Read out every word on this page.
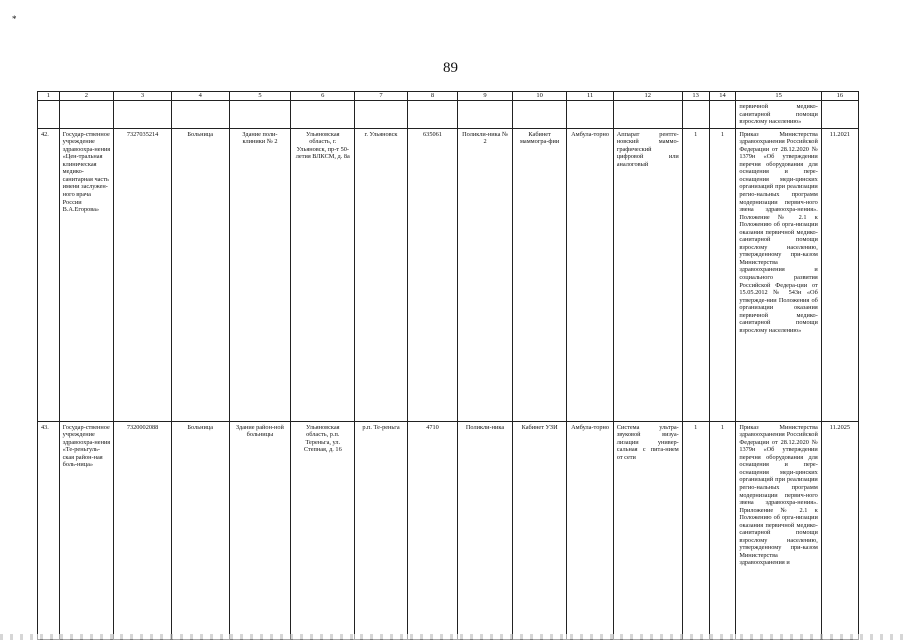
*
89
1	2	3	4	5	6	7	8	9	10	11	12	13	14	15	16
														первичной медико-санитарной помощи взрослому населению»	
42.	Государ-ственное учреждение здравоохра-нения «Цен-тральная клиническая медико-санитарная часть имени заслужен-ного врача России В.А.Егорова»	7327035214	Больница	Здание поли-клиники № 2	Ульяновская область, г. Ульяновск, пр-т 50-летия ВЛКСМ, д. 8а	г. Ульяновск	635061	Поликли-ника № 2	Кабинет маммогра-фии	Амбула-торно	Аппарат рентге-новский маммо-графический цифровой или аналоговый	1	1	Приказ Министерства здравоохранения Российской Федерации от 28.12.2020 № 1379н «Об утверждении перечня оборудования для оснащения и пере-оснащения меди-цинских организаций при реализации регио-нальных программ модернизации первич-ного звена здравоохра-нения». Положение № 2.1 к Положению об орга-низации оказания первичной медико-санитарной помощи взрослому населению, утвержденному при-казом Министерства здравоохранения и социального развития Российской Федера-ции от 15.05.2012 № 543н «Об утвержде-нии Положения об организации оказания первичной медико-санитарной помощи взрослому населению»	11.2021
43.	Государ-ственное учреждение здравоохра-нения «Те-реньгуль-ская район-ная боль-ница»	7320002088	Больница	Здание район-ной больницы	Ульяновская область, р.п. Тереньга, ул. Степная, д. 16	р.п. Те-реньга	4710	Поликли-ника	Кабинет УЗИ	Амбула-торно	Система ультра-звуковой визуа-лизации универ-сальная с пита-нием от сети	1	1	Приказ Министерства здравоохранения Российской Федерации от 28.12.2020 № 1379н «Об утверждении перечня оборудования для оснащения и пере-оснащения меди-цинских организаций при реализации регио-нальных программ модернизации первич-ного звена здравоохра-нения». Приложение № 2.1 к Положению об орга-низации оказания первичной медико-санитарной помощи взрослому населению, утвержденному при-казом Министерства здравоохранения и	11.2025
